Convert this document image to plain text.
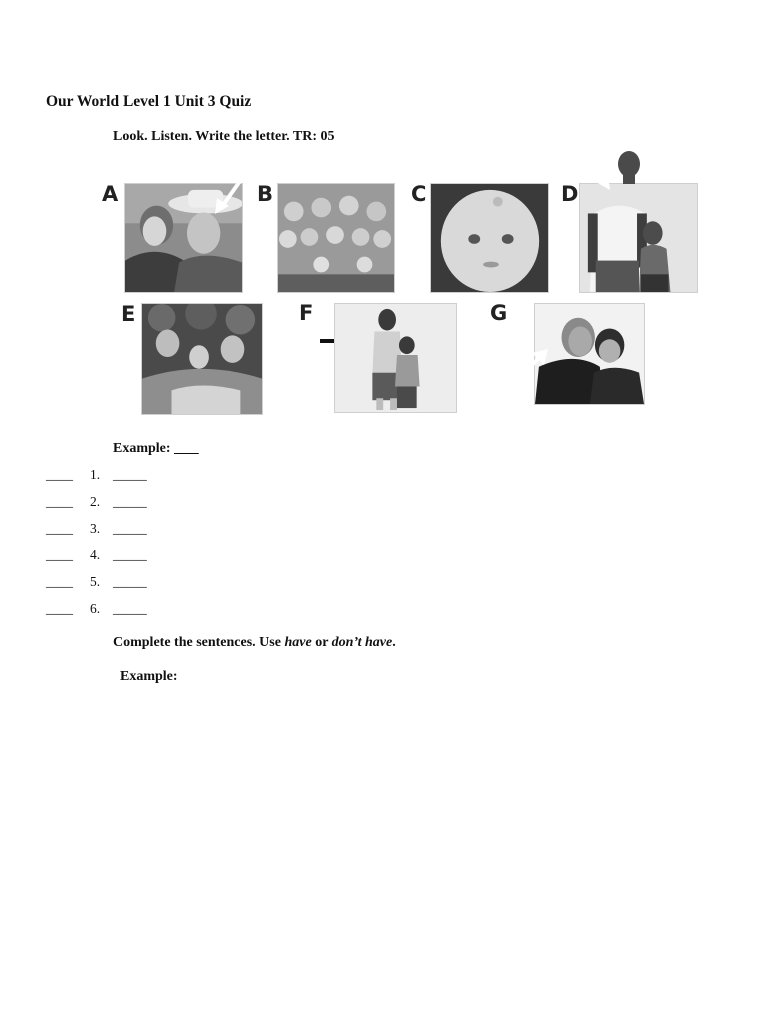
Our World Level 1 Unit 3 Quiz
Look. Listen. Write the letter. TR: 05
A	B	C	D
E	F	G
Example: __ _
____ 1. _____
____ 2. _____
____ 3. _____
____ 4. _____
____ 5. _____
____ 6. _____
Complete the sentences. Use have or don’t have.
Example:
